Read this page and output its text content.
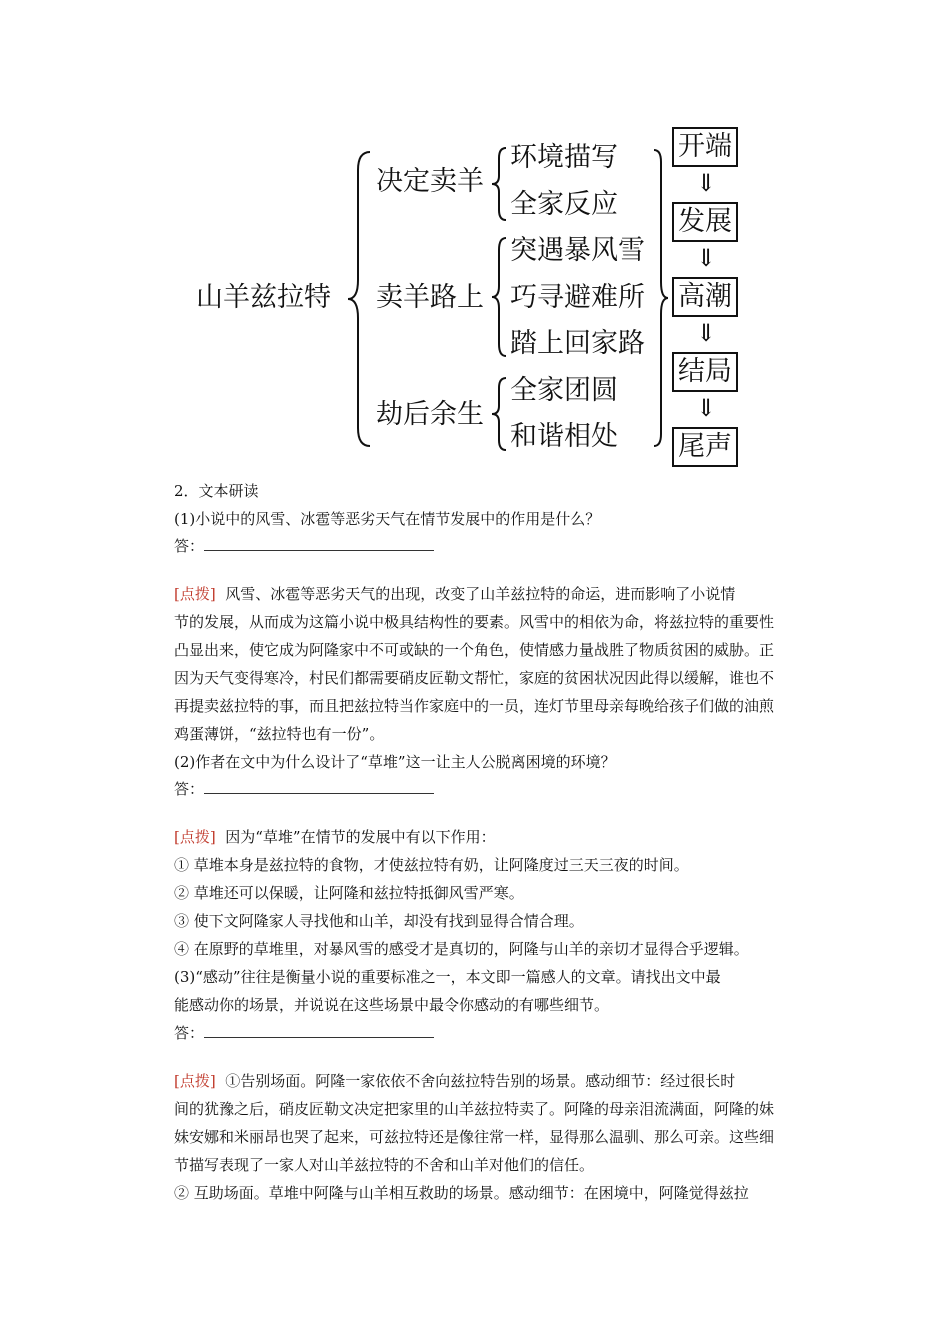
山羊兹拉特
决定卖羊
卖羊路上
劫后余生
环境描写
全家反应
突遇暴风雪
巧寻避难所
踏上回家路
全家团圆
和谐相处
开端
⇓
发展
⇓
高潮
⇓
结局
⇓
尾声
2．文本研读
(1)小说中的风雪、冰雹等恶劣天气在情节发展中的作用是什么？
答：
[点拨] 风雪、冰雹等恶劣天气的出现，改变了山羊兹拉特的命运，进而影响了小说情
节的发展，从而成为这篇小说中极具结构性的要素。风雪中的相依为命，将兹拉特的重要性
凸显出来，使它成为阿隆家中不可或缺的一个角色，使情感力量战胜了物质贫困的威胁。正
因为天气变得寒冷，村民们都需要硝皮匠勒文帮忙，家庭的贫困状况因此得以缓解，谁也不
再提卖兹拉特的事，而且把兹拉特当作家庭中的一员，连灯节里母亲每晚给孩子们做的油煎
鸡蛋薄饼，“兹拉特也有一份”。
(2)作者在文中为什么设计了“草堆”这一让主人公脱离困境的环境？
答：
[点拨] 因为“草堆”在情节的发展中有以下作用：
① 草堆本身是兹拉特的食物，才使兹拉特有奶，让阿隆度过三天三夜的时间。
② 草堆还可以保暖，让阿隆和兹拉特抵御风雪严寒。
③ 使下文阿隆家人寻找他和山羊，却没有找到显得合情合理。
④ 在原野的草堆里，对暴风雪的感受才是真切的，阿隆与山羊的亲切才显得合乎逻辑。
(3)“感动”往往是衡量小说的重要标准之一，本文即一篇感人的文章。请找出文中最
能感动你的场景，并说说在这些场景中最令你感动的有哪些细节。
答：
[点拨] ①告别场面。阿隆一家依依不舍向兹拉特告别的场景。感动细节：经过很长时
间的犹豫之后，硝皮匠勒文决定把家里的山羊兹拉特卖了。阿隆的母亲泪流满面，阿隆的妹
妹安娜和米丽昂也哭了起来，可兹拉特还是像往常一样，显得那么温驯、那么可亲。这些细
节描写表现了一家人对山羊兹拉特的不舍和山羊对他们的信任。
② 互助场面。草堆中阿隆与山羊相互救助的场景。感动细节：在困境中，阿隆觉得兹拉
